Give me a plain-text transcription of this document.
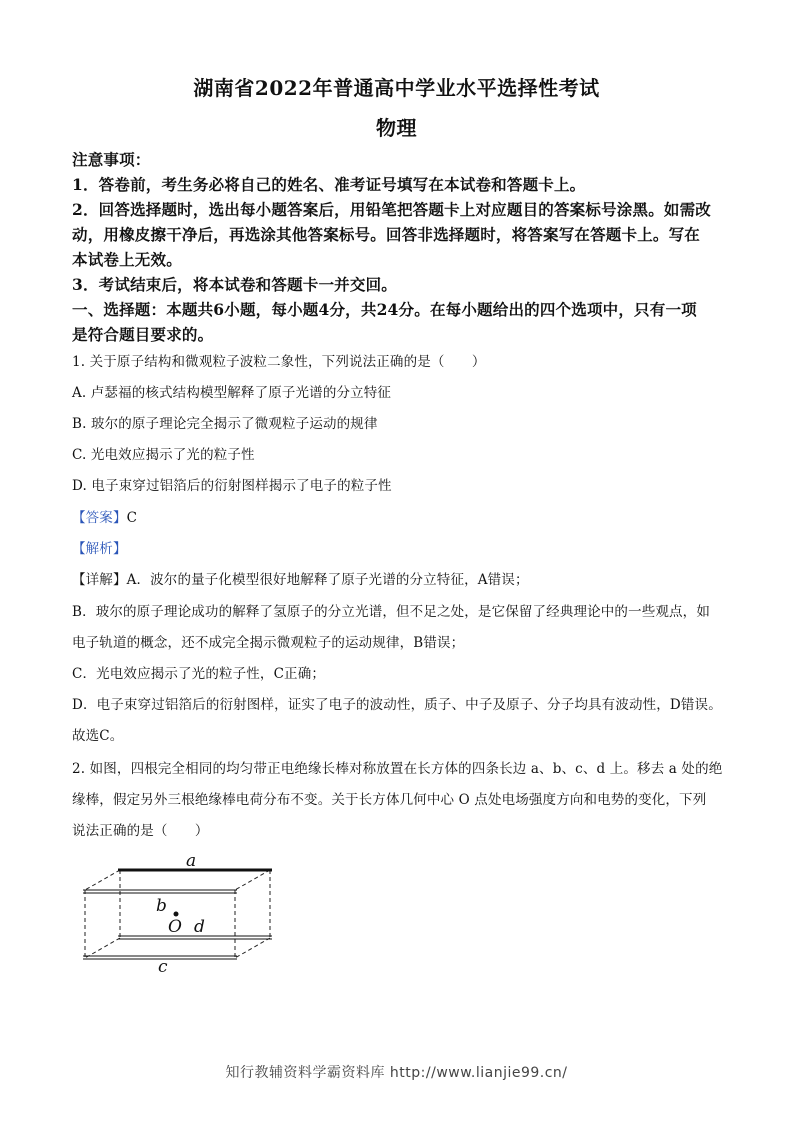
湖南省2022年普通高中学业水平选择性考试
物理
注意事项：
1．答卷前，考生务必将自己的姓名、准考证号填写在本试卷和答题卡上。
2．回答选择题时，选出每小题答案后，用铅笔把答题卡上对应题目的答案标号涂黑。如需改
动，用橡皮擦干净后，再选涂其他答案标号。回答非选择题时，将答案写在答题卡上。写在
本试卷上无效。
3．考试结束后，将本试卷和答题卡一并交回。
一、选择题：本题共6小题，每小题4分，共24分。在每小题给出的四个选项中，只有一项
是符合题目要求的。
1. 关于原子结构和微观粒子波粒二象性，下列说法正确的是（　　）
A. 卢瑟福的核式结构模型解释了原子光谱的分立特征
B. 玻尔的原子理论完全揭示了微观粒子运动的规律
C. 光电效应揭示了光的粒子性
D. 电子束穿过铝箔后的衍射图样揭示了电子的粒子性
【答案】C
【解析】
【详解】A．波尔的量子化模型很好地解释了原子光谱的分立特征，A错误；
B．玻尔的原子理论成功的解释了氢原子的分立光谱，但不足之处，是它保留了经典理论中的一些观点，如
电子轨道的概念，还不成完全揭示微观粒子的运动规律，B错误；
C．光电效应揭示了光的粒子性，C正确；
D．电子束穿过铝箔后的衍射图样，证实了电子的波动性，质子、中子及原子、分子均具有波动性，D错误。
故选C。
2. 如图，四根完全相同的均匀带正电绝缘长棒对称放置在长方体的四条长边 a、b、c、d 上。移去 a 处的绝
缘棒，假定另外三根绝缘棒电荷分布不变。关于长方体几何中心 O 点处电场强度方向和电势的变化，下列
说法正确的是（　　）
a
b
O d
c
知行教辅资料学霸资料库 http://www.lianjie99.cn/
